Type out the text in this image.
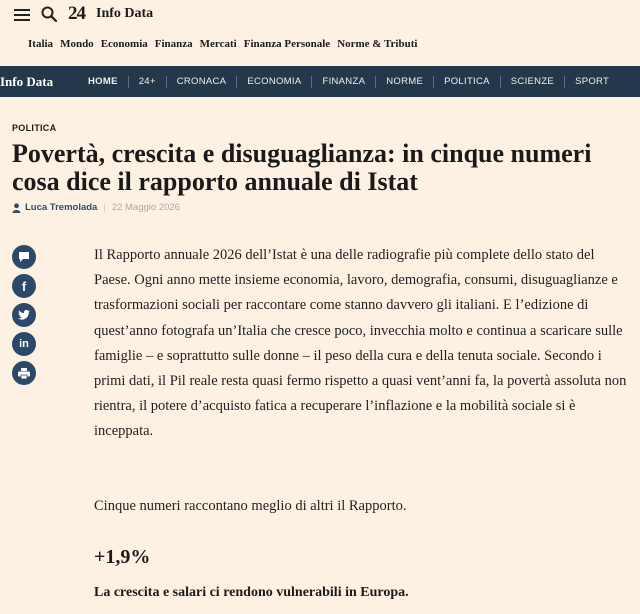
24 Info Data
Italia Mondo Economia Finanza Mercati Finanza Personale Norme & Tributi
Info Data	HOME	24+	CRONACA	ECONOMIA	FINANZA	NORME	POLITICA	SCIENZE	SPORT
POLITICA
Povertà, crescita e disuguaglianza: in cinque numeri cosa dice il rapporto annuale di Istat
Luca Tremolada | 22 Maggio 2026
f
in

Il Rapporto annuale 2026 dell’Istat è una delle radiografie più complete dello stato del Paese. Ogni anno mette insieme economia, lavoro, demografia, consumi, disuguaglianze e trasformazioni sociali per raccontare come stanno davvero gli italiani. E l’edizione di quest’anno fotografa un’Italia che cresce poco, invecchia molto e continua a scaricare sulle famiglie – e soprattutto sulle donne – il peso della cura e della tenuta sociale. Secondo i primi dati, il Pil reale resta quasi fermo rispetto a quasi vent’anni fa, la povertà assoluta non rientra, il potere d’acquisto fatica a recuperare l’inflazione e la mobilità sociale si è inceppata.

Cinque numeri raccontano meglio di altri il Rapporto.

+1,9%
La crescita e salari ci rendono vulnerabili in Europa.
